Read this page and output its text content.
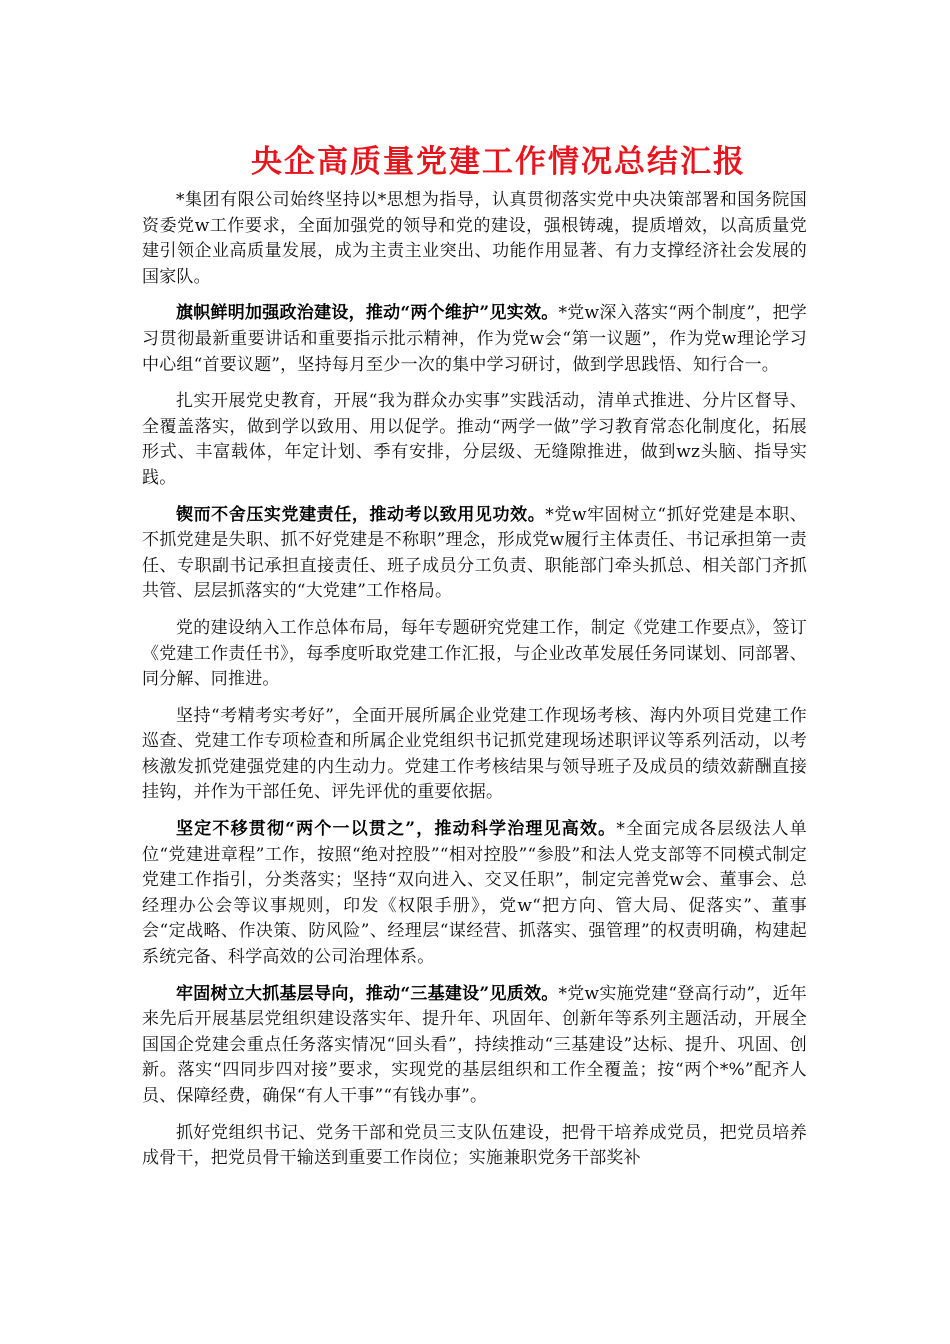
央企高质量党建工作情况总结汇报

*集团有限公司始终坚持以*思想为指导，认真贯彻落实党中央决策部署和国务院国资委党w工作要求，全面加强党的领导和党的建设，强根铸魂，提质增效，以高质量党建引领企业高质量发展，成为主责主业突出、功能作用显著、有力支撑经济社会发展的国家队。

旗帜鲜明加强政治建设，推动“两个维护”见实效。*党w深入落实“两个制度”，把学习贯彻最新重要讲话和重要指示批示精神，作为党w会“第一议题”，作为党w理论学习中心组“首要议题”，坚持每月至少一次的集中学习研讨，做到学思践悟、知行合一。

扎实开展党史教育，开展“我为群众办实事”实践活动，清单式推进、分片区督导、全覆盖落实，做到学以致用、用以促学。推动“两学一做”学习教育常态化制度化，拓展形式、丰富载体，年定计划、季有安排，分层级、无缝隙推进，做到wz头脑、指导实践。

锲而不舍压实党建责任，推动考以致用见功效。*党w牢固树立“抓好党建是本职、不抓党建是失职、抓不好党建是不称职”理念，形成党w履行主体责任、书记承担第一责任、专职副书记承担直接责任、班子成员分工负责、职能部门牵头抓总、相关部门齐抓共管、层层抓落实的“大党建”工作格局。

党的建设纳入工作总体布局，每年专题研究党建工作，制定《党建工作要点》，签订《党建工作责任书》，每季度听取党建工作汇报，与企业改革发展任务同谋划、同部署、同分解、同推进。

坚持“考精考实考好”，全面开展所属企业党建工作现场考核、海内外项目党建工作巡查、党建工作专项检查和所属企业党组织书记抓党建现场述职评议等系列活动，以考核激发抓党建强党建的内生动力。党建工作考核结果与领导班子及成员的绩效薪酬直接挂钩，并作为干部任免、评先评优的重要依据。

坚定不移贯彻“两个一以贯之”，推动科学治理见高效。*全面完成各层级法人单位“党建进章程”工作，按照“绝对控股”“相对控股”“参股”和法人党支部等不同模式制定党建工作指引，分类落实；坚持“双向进入、交叉任职”，制定完善党w会、董事会、总经理办公会等议事规则，印发《权限手册》，党w“把方向、管大局、促落实”、董事会“定战略、作决策、防风险”、经理层“谋经营、抓落实、强管理”的权责明确，构建起系统完备、科学高效的公司治理体系。

牢固树立大抓基层导向，推动“三基建设”见质效。*党w实施党建“登高行动”，近年来先后开展基层党组织建设落实年、提升年、巩固年、创新年等系列主题活动，开展全国国企党建会重点任务落实情况“回头看”，持续推动“三基建设”达标、提升、巩固、创新。落实“四同步四对接”要求，实现党的基层组织和工作全覆盖；按“两个*%”配齐人员、保障经费，确保“有人干事”“有钱办事”。

抓好党组织书记、党务干部和党员三支队伍建设，把骨干培养成党员，把党员培养成骨干，把党员骨干输送到重要工作岗位；实施兼职党务干部奖补
